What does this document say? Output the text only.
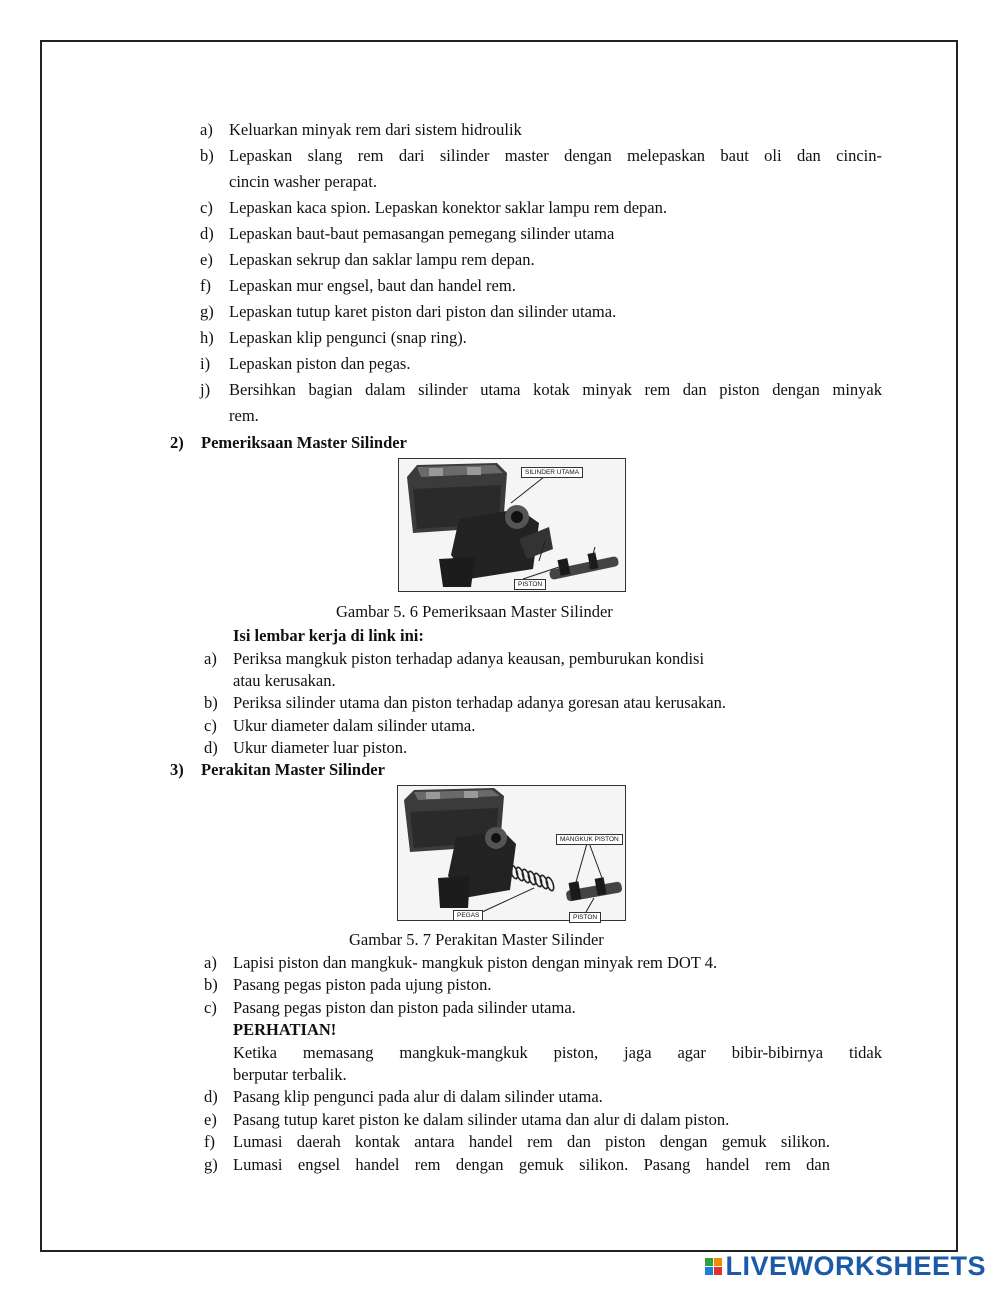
a) Keluarkan minyak rem dari sistem hidroulik
b) Lepaskan slang rem dari silinder master dengan melepaskan baut oli dan cincin-
cincin washer perapat.
c) Lepaskan kaca spion. Lepaskan konektor saklar lampu rem depan.
d) Lepaskan baut-baut pemasangan pemegang silinder utama
e) Lepaskan sekrup dan saklar lampu rem depan.
f) Lepaskan mur engsel, baut dan handel rem.
g) Lepaskan tutup karet piston dari piston dan silinder utama.
h) Lepaskan klip pengunci (snap ring).
i) Lepaskan piston dan pegas.
j) Bersihkan bagian dalam silinder utama kotak minyak rem dan piston dengan minyak
rem.
2) Pemeriksaan Master Silinder
SILINDER UTAMA
PISTON
Gambar 5. 6 Pemeriksaan Master Silinder
Isi lembar kerja di link ini:
a) Periksa mangkuk piston terhadap adanya keausan, pemburukan kondisi
atau kerusakan.
b) Periksa silinder utama dan piston terhadap adanya goresan atau kerusakan.
c) Ukur diameter dalam silinder utama.
d) Ukur diameter luar piston.
3) Perakitan Master Silinder
MANGKUK PISTON
PEGAS	PISTON
Gambar 5. 7 Perakitan Master Silinder
a) Lapisi piston dan mangkuk- mangkuk piston dengan minyak rem DOT 4.
b) Pasang pegas piston pada ujung piston.
c) Pasang pegas piston dan piston pada silinder utama.
PERHATIAN!
Ketika memasang mangkuk-mangkuk piston, jaga agar bibir-bibirnya tidak
berputar terbalik.
d) Pasang klip pengunci pada alur di dalam silinder utama.
e) Pasang tutup karet piston ke dalam silinder utama dan alur di dalam piston.
f) Lumasi daerah kontak antara handel rem dan piston dengan gemuk silikon.
g) Lumasi engsel handel rem dengan gemuk silikon. Pasang handel rem dan
LIVEWORKSHEETS
